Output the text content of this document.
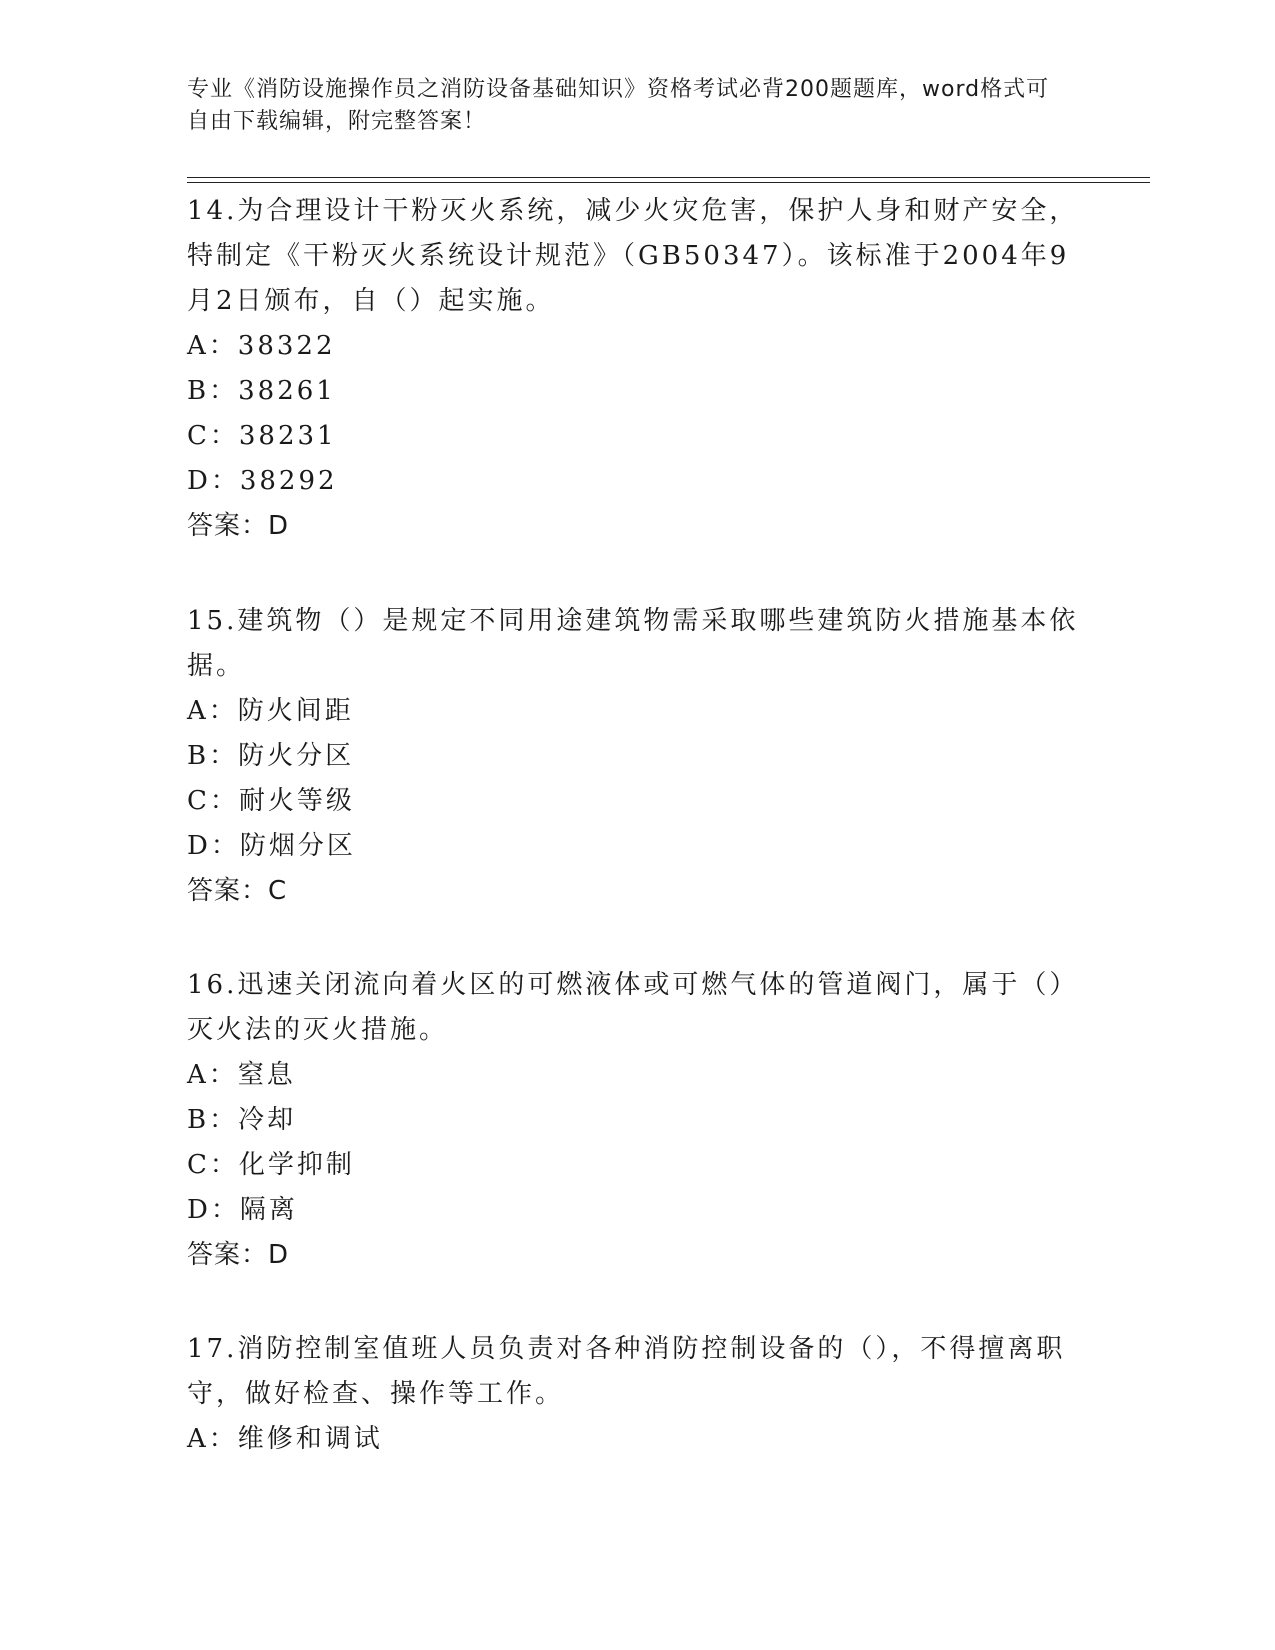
专业《消防设施操作员之消防设备基础知识》资格考试必背200题题库，word格式可自由下载编辑，附完整答案！
14.为合理设计干粉灭火系统，减少火灾危害，保护人身和财产安全，特制定《干粉灭火系统设计规范》（GB50347）。该标准于2004年9月2日颁布，自（）起实施。
A：38322
B：38261
C：38231
D：38292
答案：D
15.建筑物（）是规定不同用途建筑物需采取哪些建筑防火措施基本依据。
A：防火间距
B：防火分区
C：耐火等级
D：防烟分区
答案：C
16.迅速关闭流向着火区的可燃液体或可燃气体的管道阀门，属于（）灭火法的灭火措施。
A：窒息
B：冷却
C：化学抑制
D：隔离
答案：D
17.消防控制室值班人员负责对各种消防控制设备的（），不得擅离职守，做好检查、操作等工作。
A：维修和调试
